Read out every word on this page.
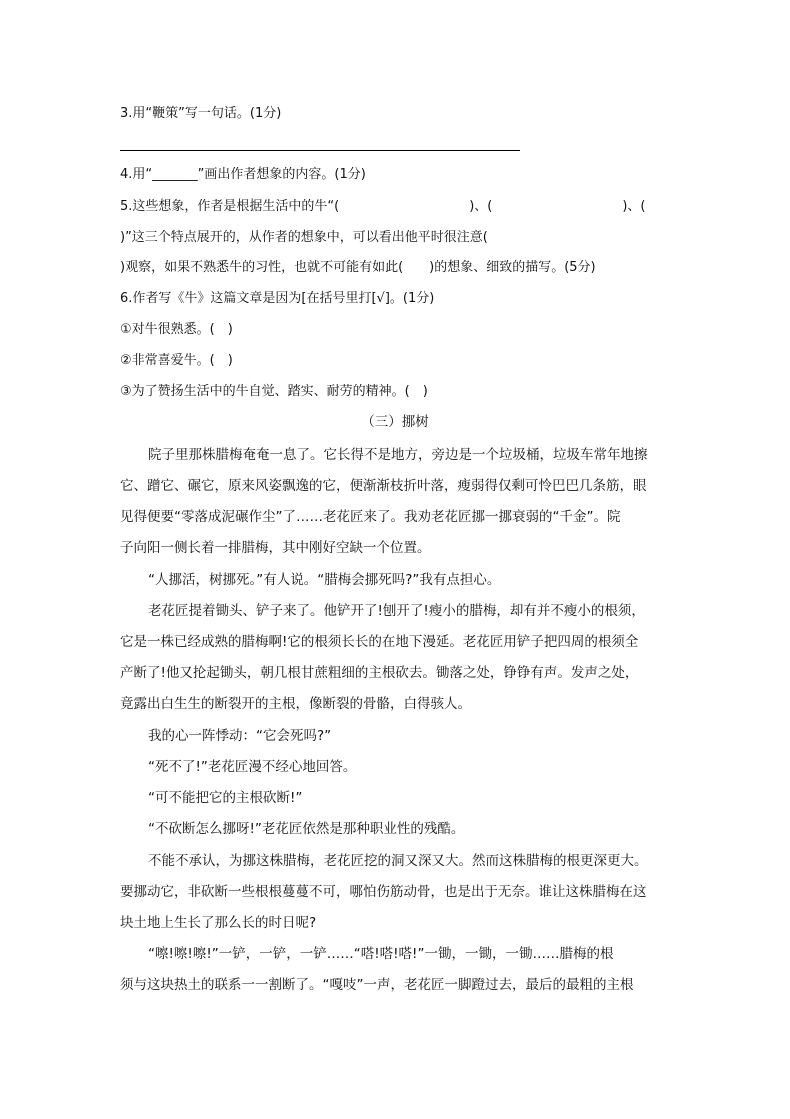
3.用“鞭策”写一句话。(1分)
4.用“_______”画出作者想象的内容。(1分)
5.这些想象，作者是根据生活中的牛“(　　　　　　　　　　)、(　　　　　　　　　　)、(
)”这三个特点展开的，从作者的想象中，可以看出他平时很注意(
)观察，如果不熟悉牛的习性，也就不可能有如此(　　)的想象、细致的描写。(5分)
6.作者写《牛》这篇文章是因为[在括号里打[√]。(1分)
①对牛很熟悉。(　)
②非常喜爱牛。(　)
③为了赞扬生活中的牛自觉、踏实、耐劳的精神。(　)
（三）挪树
院子里那株腊梅奄奄一息了。它长得不是地方，旁边是一个垃圾桶，垃圾车常年地擦
它、蹭它、碾它，原来风姿飘逸的它，便渐渐枝折叶落，瘦弱得仅剩可怜巴巴几条筋，眼
见得便要“零落成泥碾作尘”了……老花匠来了。我劝老花匠挪一挪衰弱的“千金”。院
子向阳一侧长着一排腊梅，其中刚好空缺一个位置。
“人挪活，树挪死。”有人说。“腊梅会挪死吗?”我有点担心。
老花匠提着锄头、铲子来了。他铲开了!刨开了!瘦小的腊梅，却有并不瘦小的根须，
它是一株已经成熟的腊梅啊!它的根须长长的在地下漫延。老花匠用铲子把四周的根须全
产断了!他又抡起锄头，朝几根甘蔗粗细的主根砍去。锄落之处，铮铮有声。发声之处，
竟露出白生生的断裂开的主根，像断裂的骨骼，白得骇人。
我的心一阵悸动：“它会死吗?”
“死不了!”老花匠漫不经心地回答。
“可不能把它的主根砍断!”
“不砍断怎么挪呀!”老花匠依然是那种职业性的残酷。
不能不承认，为挪这株腊梅，老花匠挖的洞又深又大。然而这株腊梅的根更深更大。
要挪动它，非砍断一些根根蔓蔓不可，哪怕伤筋动骨，也是出于无奈。谁让这株腊梅在这
块土地上生长了那么长的时日呢?
“嚓!嚓!嚓!”一铲，一铲，一铲……“嗒!嗒!嗒!”一锄，一锄，一锄……腊梅的根
须与这块热土的联系一一割断了。“嘎吱”一声，老花匠一脚蹬过去，最后的最粗的主根
